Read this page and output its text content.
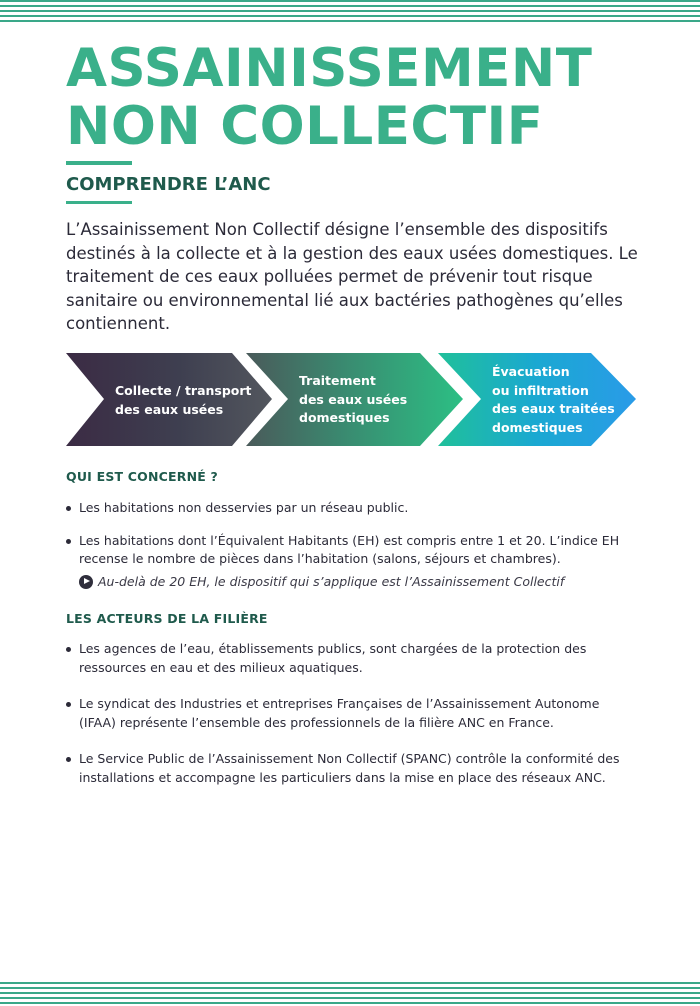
ASSAINISSEMENT
NON COLLECTIF
COMPRENDRE L’ANC
L’Assainissement Non Collectif désigne l’ensemble des dispositifs destinés à la collecte et à la gestion des eaux usées domestiques. Le traitement de ces eaux polluées permet de prévenir tout risque sanitaire ou environnemental lié aux bactéries pathogènes qu’elles contiennent.
Collecte / transport
des eaux usées
Traitement
des eaux usées
domestiques
Évacuation
ou infiltration
des eaux traitées
domestiques
QUI EST CONCERNÉ ?
Les habitations non desservies par un réseau public.
Les habitations dont l’Équivalent Habitants (EH) est compris entre 1 et 20. L’indice EH recense le nombre de pièces dans l’habitation (salons, séjours et chambres).
Au-delà de 20 EH, le dispositif qui s’applique est l’Assainissement Collectif
LES ACTEURS DE LA FILIÈRE
Les agences de l’eau, établissements publics, sont chargées de la protection des ressources en eau et des milieux aquatiques.
Le syndicat des Industries et entreprises Françaises de l’Assainissement Autonome (IFAA) représente l’ensemble des professionnels de la filière ANC en France.
Le Service Public de l’Assainissement Non Collectif (SPANC) contrôle la conformité des installations et accompagne les particuliers dans la mise en place des réseaux ANC.
